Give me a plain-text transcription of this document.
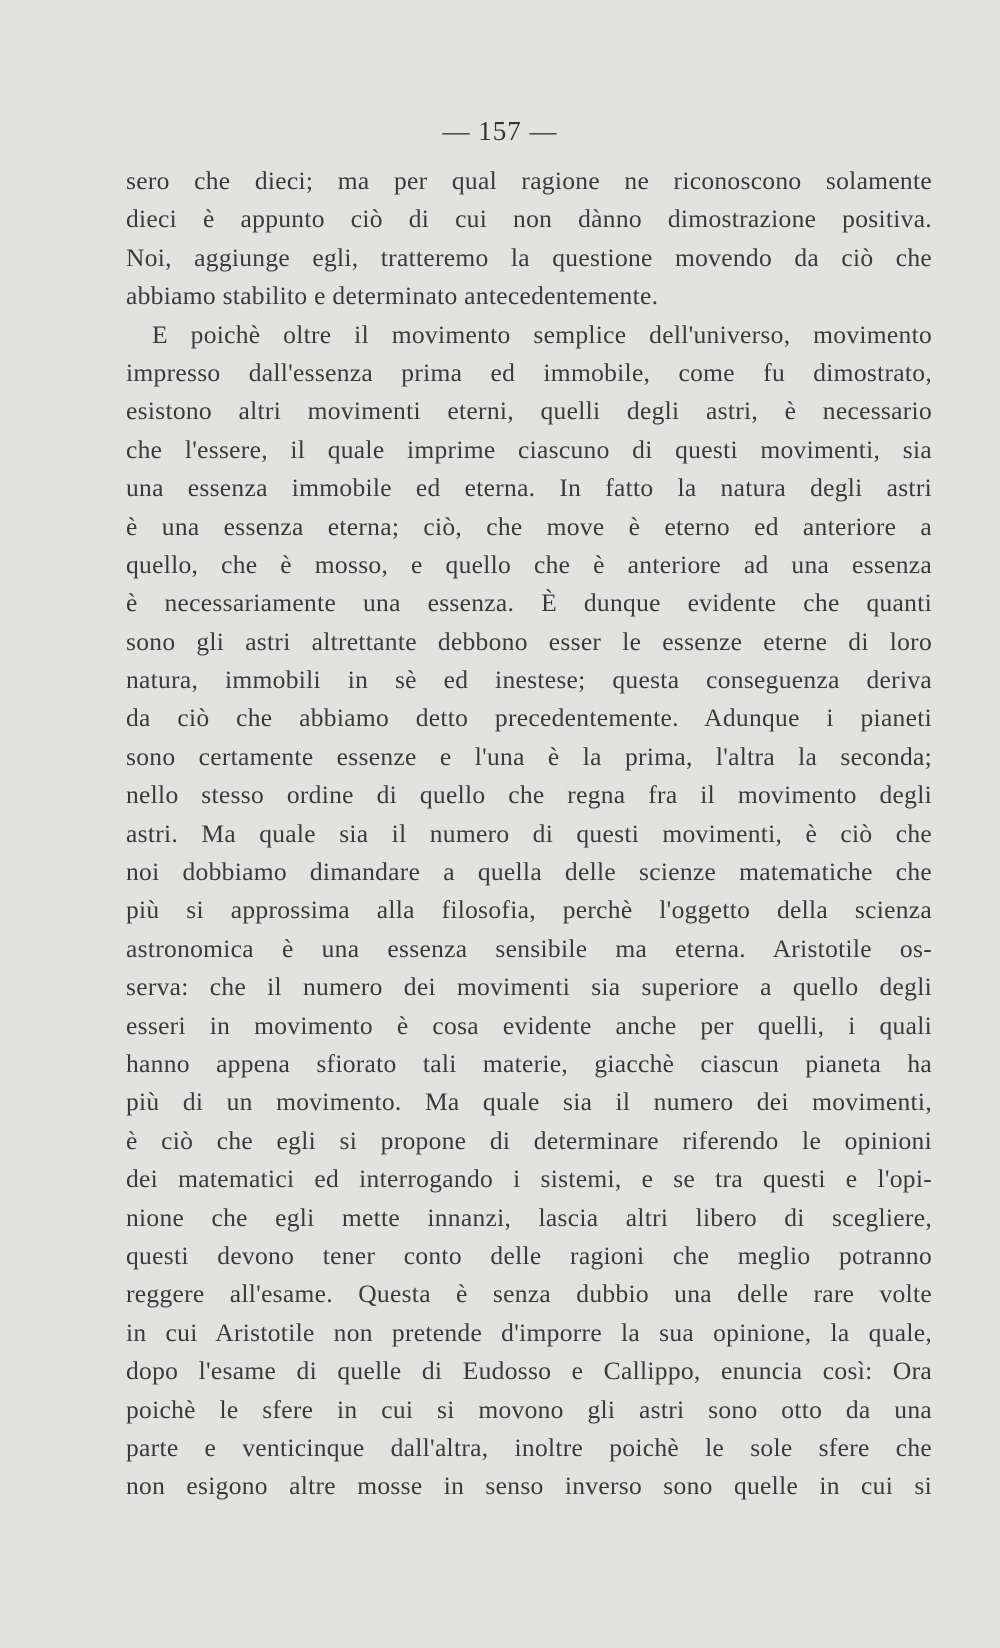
— 157 —
sero che dieci; ma per qual ragione ne riconoscono solamente
dieci è appunto ciò di cui non dànno dimostrazione positiva.
Noi, aggiunge egli, tratteremo la questione movendo da ciò che
abbiamo stabilito e determinato antecedentemente.
E poichè oltre il movimento semplice dell'universo, movimento
impresso dall'essenza prima ed immobile, come fu dimostrato,
esistono altri movimenti eterni, quelli degli astri, è necessario
che l'essere, il quale imprime ciascuno di questi movimenti, sia
una essenza immobile ed eterna. In fatto la natura degli astri
è una essenza eterna; ciò, che move è eterno ed anteriore a
quello, che è mosso, e quello che è anteriore ad una essenza
è necessariamente una essenza. È dunque evidente che quanti
sono gli astri altrettante debbono esser le essenze eterne di loro
natura, immobili in sè ed inestese; questa conseguenza deriva
da ciò che abbiamo detto precedentemente. Adunque i pianeti
sono certamente essenze e l'una è la prima, l'altra la seconda;
nello stesso ordine di quello che regna fra il movimento degli
astri. Ma quale sia il numero di questi movimenti, è ciò che
noi dobbiamo dimandare a quella delle scienze matematiche che
più si approssima alla filosofia, perchè l'oggetto della scienza
astronomica è una essenza sensibile ma eterna. Aristotile os-
serva: che il numero dei movimenti sia superiore a quello degli
esseri in movimento è cosa evidente anche per quelli, i quali
hanno appena sfiorato tali materie, giacchè ciascun pianeta ha
più di un movimento. Ma quale sia il numero dei movimenti,
è ciò che egli si propone di determinare riferendo le opinioni
dei matematici ed interrogando i sistemi, e se tra questi e l'opi-
nione che egli mette innanzi, lascia altri libero di scegliere,
questi devono tener conto delle ragioni che meglio potranno
reggere all'esame. Questa è senza dubbio una delle rare volte
in cui Aristotile non pretende d'imporre la sua opinione, la quale,
dopo l'esame di quelle di Eudosso e Callippo, enuncia così: Ora
poichè le sfere in cui si movono gli astri sono otto da una
parte e venticinque dall'altra, inoltre poichè le sole sfere che
non esigono altre mosse in senso inverso sono quelle in cui si
